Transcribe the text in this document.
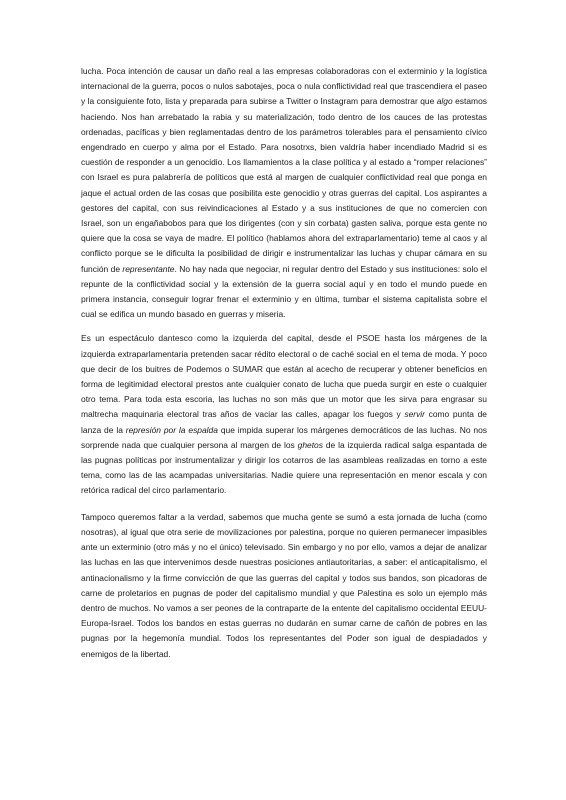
lucha. Poca intención de causar un daño real a las empresas colaboradoras con el exterminio y la logística internacional de la guerra, pocos o nulos sabotajes, poca o nula conflictividad real que trascendiera el paseo y la consiguiente foto, lista y preparada para subirse a Twitter o Instagram para demostrar que algo estamos haciendo. Nos han arrebatado la rabia y su materialización, todo dentro de los cauces de las protestas ordenadas, pacíficas y bien reglamentadas dentro de los parámetros tolerables para el pensamiento cívico engendrado en cuerpo y alma por el Estado. Para nosotrxs, bien valdría haber incendiado Madrid si es cuestión de responder a un genocidio. Los llamamientos a la clase política y al estado a “romper relaciones” con Israel es pura palabrería de políticos que está al margen de cualquier conflictividad real que ponga en jaque el actual orden de las cosas que posibilita este genocidio y otras guerras del capital. Los aspirantes a gestores del capital, con sus reivindicaciones al Estado y a sus instituciones de que no comercien con Israel, son un engañabobos para que los dirigentes (con y sin corbata) gasten saliva, porque esta gente no quiere que la cosa se vaya de madre. El político (hablamos ahora del extraparlamentario) teme al caos y al conflicto porque se le dificulta la posibilidad de dirigir e instrumentalizar las luchas y chupar cámara en su función de representante. No hay nada que negociar, ni regular dentro del Estado y sus instituciones: solo el repunte de la conflictividad social y la extensión de la guerra social aquí y en todo el mundo puede en primera instancia, conseguir lograr frenar el exterminio y en última, tumbar el sistema capitalista sobre el cual se edifica un mundo basado en guerras y miseria.

Es un espectáculo dantesco como la izquierda del capital, desde el PSOE hasta los márgenes de la izquierda extraparlamentaria pretenden sacar rédito electoral o de caché social en el tema de moda. Y poco que decir de los buitres de Podemos o SUMAR que están al acecho de recuperar y obtener beneficios en forma de legitimidad electoral prestos ante cualquier conato de lucha que pueda surgir en este o cualquier otro tema. Para toda esta escoria, las luchas no son más que un motor que les sirva para engrasar su maltrecha maquinaria electoral tras años de vaciar las calles, apagar los fuegos y servir como punta de lanza de la represión por la espalda que impida superar los márgenes democráticos de las luchas. No nos sorprende nada que cualquier persona al margen de los ghetos de la izquierda radical salga espantada de las pugnas políticas por instrumentalizar y dirigir los cotarros de las asambleas realizadas en torno a este tema, como las de las acampadas universitarias. Nadie quiere una representación en menor escala y con retórica radical del circo parlamentario.

Tampoco queremos faltar a la verdad, sabemos que mucha gente se sumó a esta jornada de lucha (como nosotras), al igual que otra serie de movilizaciones por palestina, porque no quieren permanecer impasibles ante un exterminio (otro más y no el único) televisado. Sin embargo y no por ello, vamos a dejar de analizar las luchas en las que intervenimos desde nuestras posiciones antiautoritarias, a saber: el anticapitalismo, el antinacionalismo y la firme convicción de que las guerras del capital y todos sus bandos, son picadoras de carne de proletarios en pugnas de poder del capitalismo mundial y que Palestina es solo un ejemplo más dentro de muchos. No vamos a ser peones de la contraparte de la entente del capitalismo occidental EEUU-Europa-Israel. Todos los bandos en estas guerras no dudarán en sumar carne de cañón de pobres en las pugnas por la hegemonía mundial. Todos los representantes del Poder son igual de despiadados y enemigos de la libertad.
